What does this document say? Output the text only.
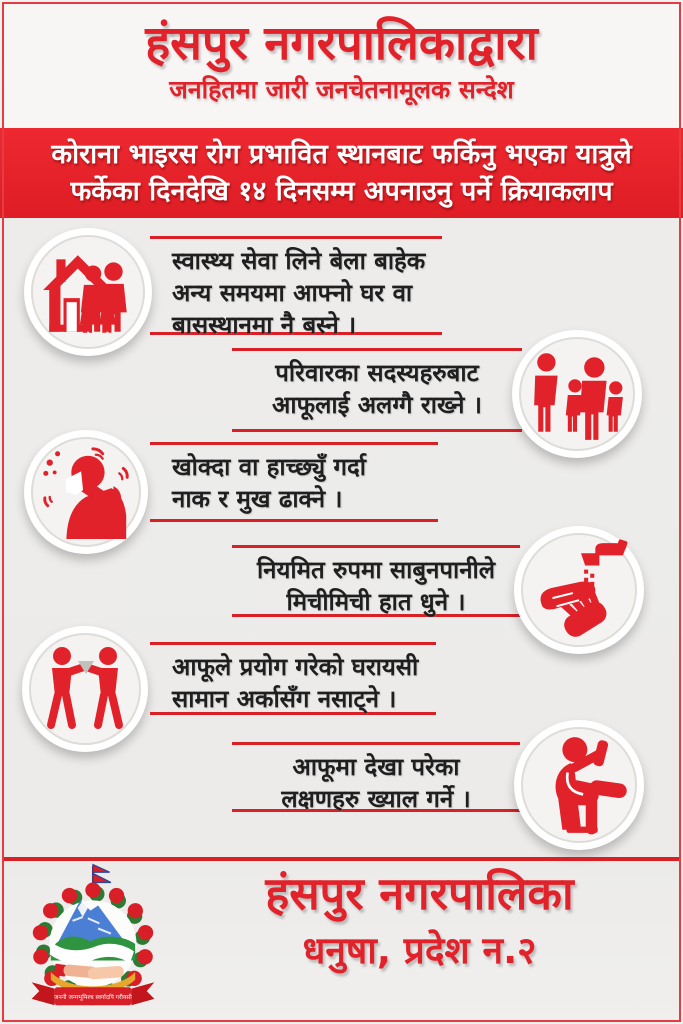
हंसपुर नगरपालिकाद्वारा
जनहितमा जारी जनचेतनामूलक सन्देश
कोराना भाइरस रोग प्रभावित स्थानबाट फर्किनु भएका यात्रुले
फर्केका दिनदेखि १४ दिनसम्म अपनाउनु पर्ने क्रियाकलाप
स्वास्थ्य सेवा लिने बेला बाहेक
अन्य समयमा आफ्नो घर वा
बासस्थानमा नै बस्ने ।
परिवारका सदस्यहरुबाट
आफूलाई अलग्गै राख्ने ।
खोक्दा वा हाच्छ्युँ गर्दा
नाक र मुख ढाक्ने ।
नियमित रुपमा साबुनपानीले
मिचीमिची हात धुने ।
आफूले प्रयोग गरेको घरायसी
सामान अर्कासँग नसाट्ने ।
आफूमा देखा परेका
लक्षणहरु ख्याल गर्ने ।
जननी जन्मभूमिश्च स्वर्गादपि गरीयसी
हंसपुर नगरपालिका
धनुषा, प्रदेश न.२
